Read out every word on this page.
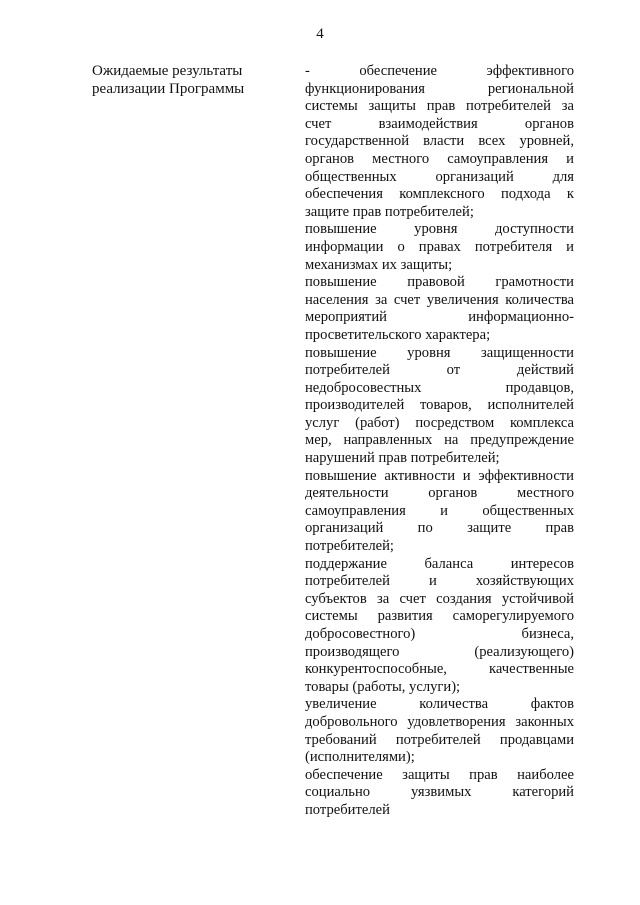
4
Ожидаемые результаты
реализации Программы
- обеспечение эффективного
функционирования региональной
системы защиты прав потребителей за
счет взаимодействия органов
государственной власти всех уровней,
органов местного самоуправления и
общественных организаций для
обеспечения комплексного подхода к
защите прав потребителей;
повышение уровня доступности
информации о правах потребителя и
механизмах их защиты;
повышение правовой грамотности
населения за счет увеличения количества
мероприятий информационно-
просветительского характера;
повышение уровня защищенности
потребителей от действий
недобросовестных продавцов,
производителей товаров, исполнителей
услуг (работ) посредством комплекса
мер, направленных на предупреждение
нарушений прав потребителей;
повышение активности и эффективности
деятельности органов местного
самоуправления и общественных
организаций по защите прав
потребителей;
поддержание баланса интересов
потребителей и хозяйствующих
субъектов за счет создания устойчивой
системы развития саморегулируемого
добросовестного) бизнеса,
производящего (реализующего)
конкурентоспособные, качественные
товары (работы, услуги);
увеличение количества фактов
добровольного удовлетворения законных
требований потребителей продавцами
(исполнителями);
обеспечение защиты прав наиболее
социально уязвимых категорий
потребителей
